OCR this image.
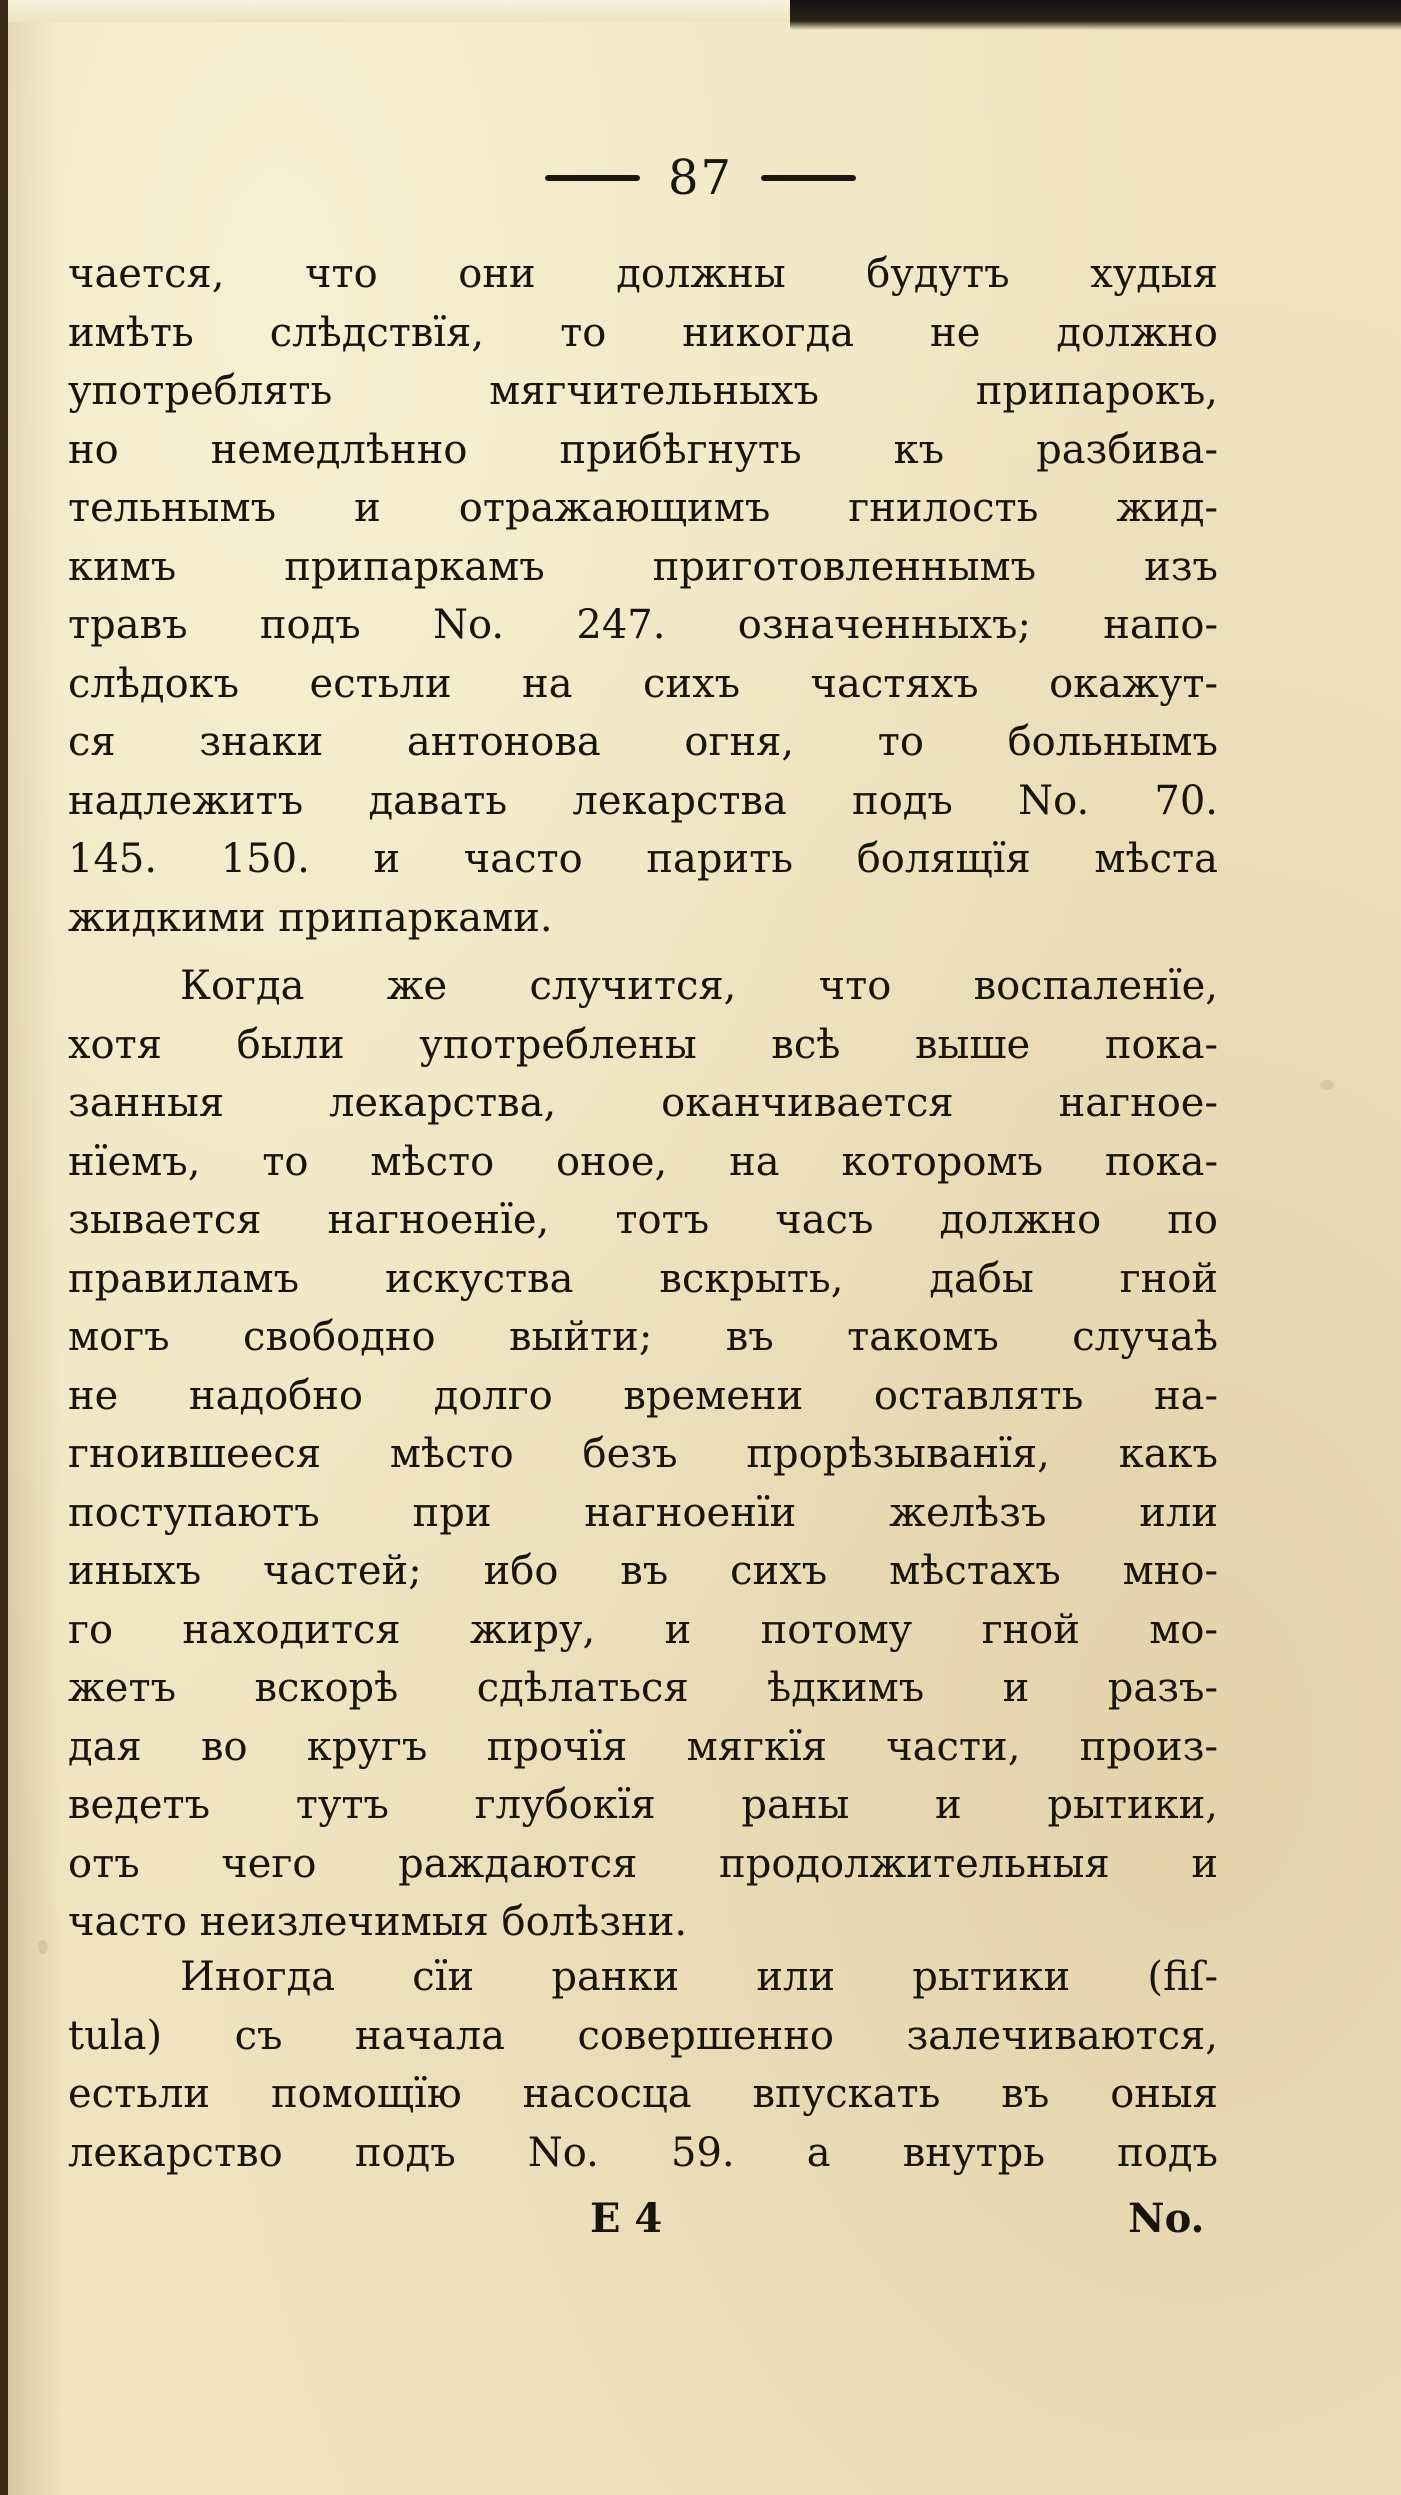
87
чается, что они должны будутъ худыя
имѣть слѣдствїя, то никогда не должно
употреблять мягчительныхъ припарокъ,
но немедлѣнно прибѣгнуть къ разбива-
тельнымъ и отражающимъ гнилость жид-
кимъ припаркамъ приготовленнымъ изъ
травъ подъ No. 247. означенныхъ; напо-
слѣдокъ естьли на сихъ частяхъ окажут-
ся знаки антонова огня, то больнымъ
надлежитъ давать лекарства подъ No. 70.
145. 150. и часто парить болящїя мѣста
жидкими припарками.
Когда же случится, что воспаленїе,
хотя были употреблены всѣ выше пока-
занныя лекарства, оканчивается нагное-
нїемъ, то мѣсто оное, на которомъ пока-
зывается нагноенїе, тотъ часъ должно по
правиламъ искуства вскрыть, дабы гной
могъ свободно выйти; въ такомъ случаѣ
не надобно долго времени оставлять на-
гноившееся мѣсто безъ прорѣзыванїя, какъ
поступаютъ при нагноенїи желѣзъ или
иныхъ частей; ибо въ сихъ мѣстахъ мно-
го находится жиру, и потому гной мо-
жетъ вскорѣ сдѣлаться ѣдкимъ и разъ-
дая во кругъ прочїя мягкїя части, произ-
ведетъ тутъ глубокїя раны и рытики,
отъ чего раждаются продолжительныя и
часто неизлечимыя болѣзни.
Иногда сїи ранки или рытики (fiſ-
tula) съ начала совершенно залечиваются,
естьли помощїю насосца впускать въ оныя
лекарство подъ No. 59. а внутрь подъ
E 4	No.
